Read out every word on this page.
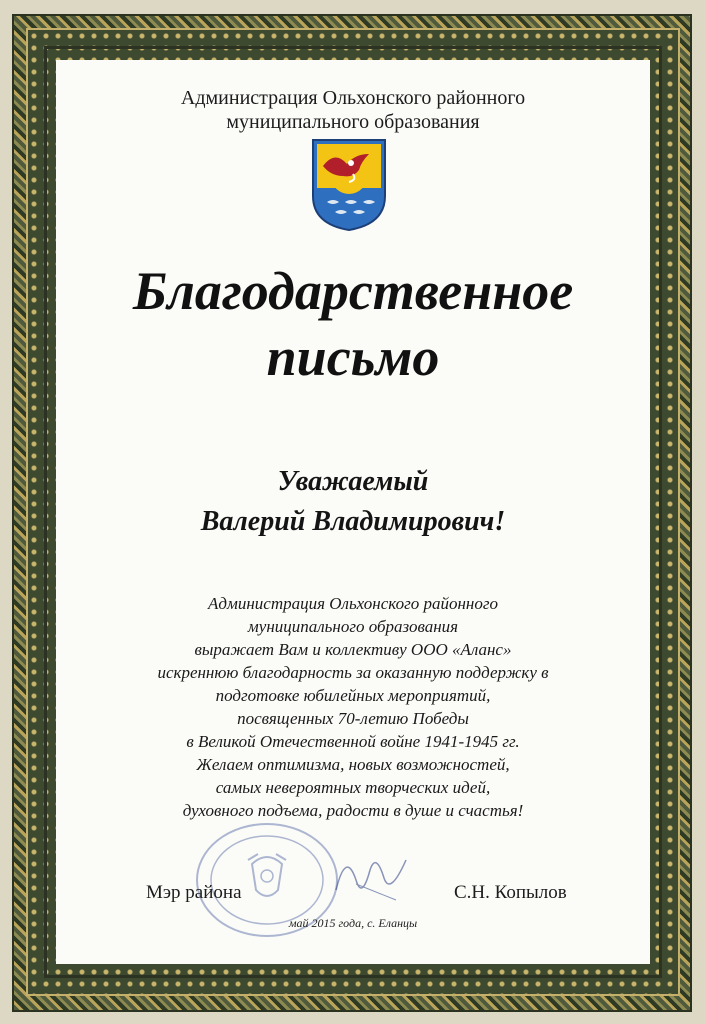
Администрация Ольхонского районного
муниципального образования
Благодарственное
письмо
Уважаемый
Валерий Владимирович!
Администрация Ольхонского районного
муниципального образования
выражает Вам и коллективу ООО «Аланс»
искреннюю благодарность за оказанную поддержку в
подготовке юбилейных мероприятий,
посвященных 70-летию Победы
в Великой Отечественной войне 1941-1945 гг.
Желаем оптимизма, новых возможностей,
самых невероятных творческих идей,
духовного подъема, радости в душе и счастья!
Мэр района	С.Н. Копылов
май 2015 года, с. Еланцы
